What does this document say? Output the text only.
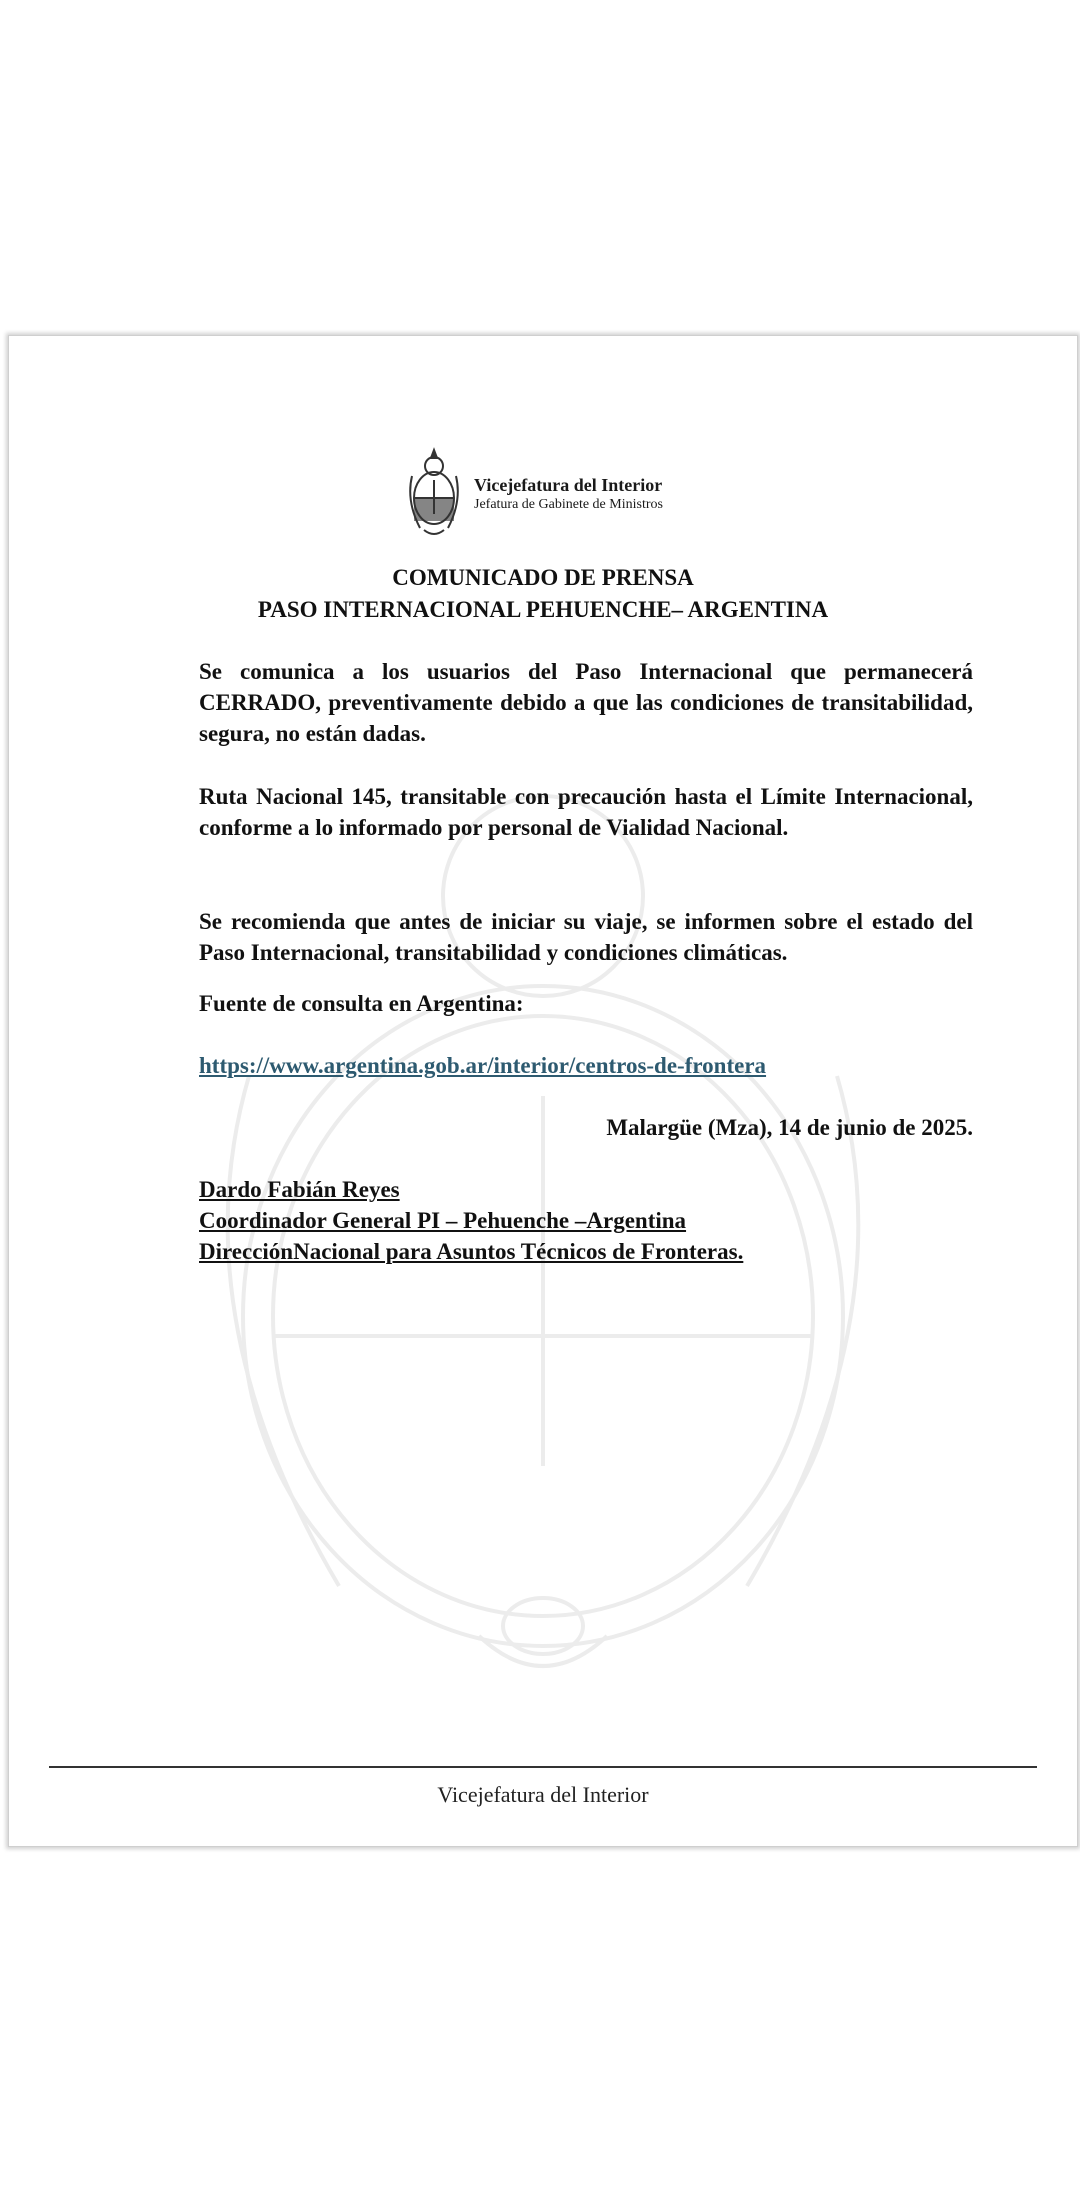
Vicejefatura del Interior
Jefatura de Gabinete de Ministros
COMUNICADO DE PRENSA
PASO INTERNACIONAL PEHUENCHE– ARGENTINA

Se comunica a los usuarios del Paso Internacional que permanecerá CERRADO, preventivamente debido a que las condiciones de transitabilidad, segura, no están dadas.

Ruta Nacional 145, transitable con precaución hasta el Límite Internacional, conforme a lo informado por personal de Vialidad Nacional.

Se recomienda que antes de iniciar su viaje, se informen sobre el estado del Paso Internacional, transitabilidad y condiciones climáticas.

Fuente de consulta en Argentina:

https://www.argentina.gob.ar/interior/centros-de-frontera
Malargüe (Mza), 14 de junio de 2025.
Dardo Fabián Reyes
Coordinador General PI – Pehuenche –Argentina
DirecciónNacional para Asuntos Técnicos de Fronteras.
Vicejefatura del Interior
